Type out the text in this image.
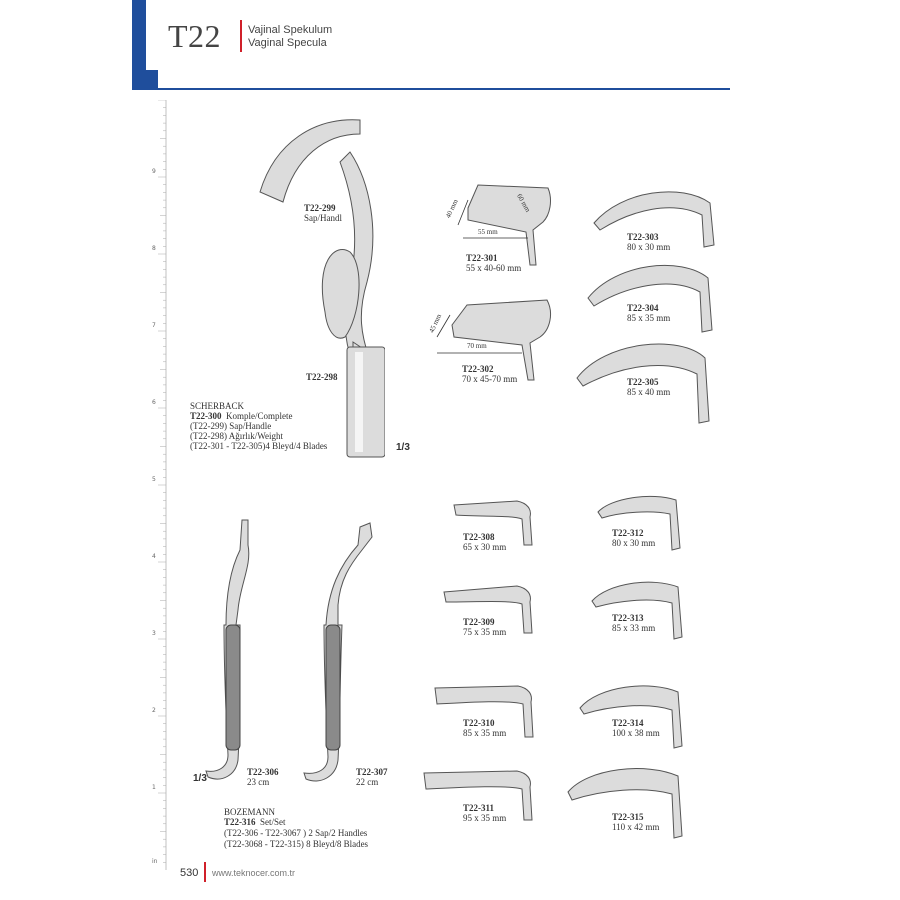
T22 Vajinal Spekulum
Vaginal Specula
9
8
7
6
5
4
3
2
1
in
T22-299
Sap/Handl
T22-298
1/3
SCHERBACK
T22-300 Komple/Complete
(T22-299) Sap/Handle
(T22-298) Ağırlık/Weight
(T22-301 - T22-305)4 Bleyd/4 Blades
40 mm	60 mm
55 mm
T22-301
55 x 40-60 mm
45 mm
70 mm
T22-302
70 x 45-70 mm
T22-303
80 x 30 mm
T22-304
85 x 35 mm
T22-305
85 x 40 mm
1/3
T22-306
23 cm
T22-307
22 cm
BOZEMANN
T22-316 Set/Set
(T22-306 - T22-3067 ) 2 Sap/2 Handles
(T22-3068 - T22-315) 8 Bleyd/8 Blades
T22-308
65 x 30 mm
T22-309
75 x 35 mm
T22-310
85 x 35 mm
T22-311
95 x 35 mm
T22-312
80 x 30 mm
T22-313
85 x 33 mm
T22-314
100 x 38 mm
T22-315
110 x 42 mm
530 www.teknocer.com.tr
